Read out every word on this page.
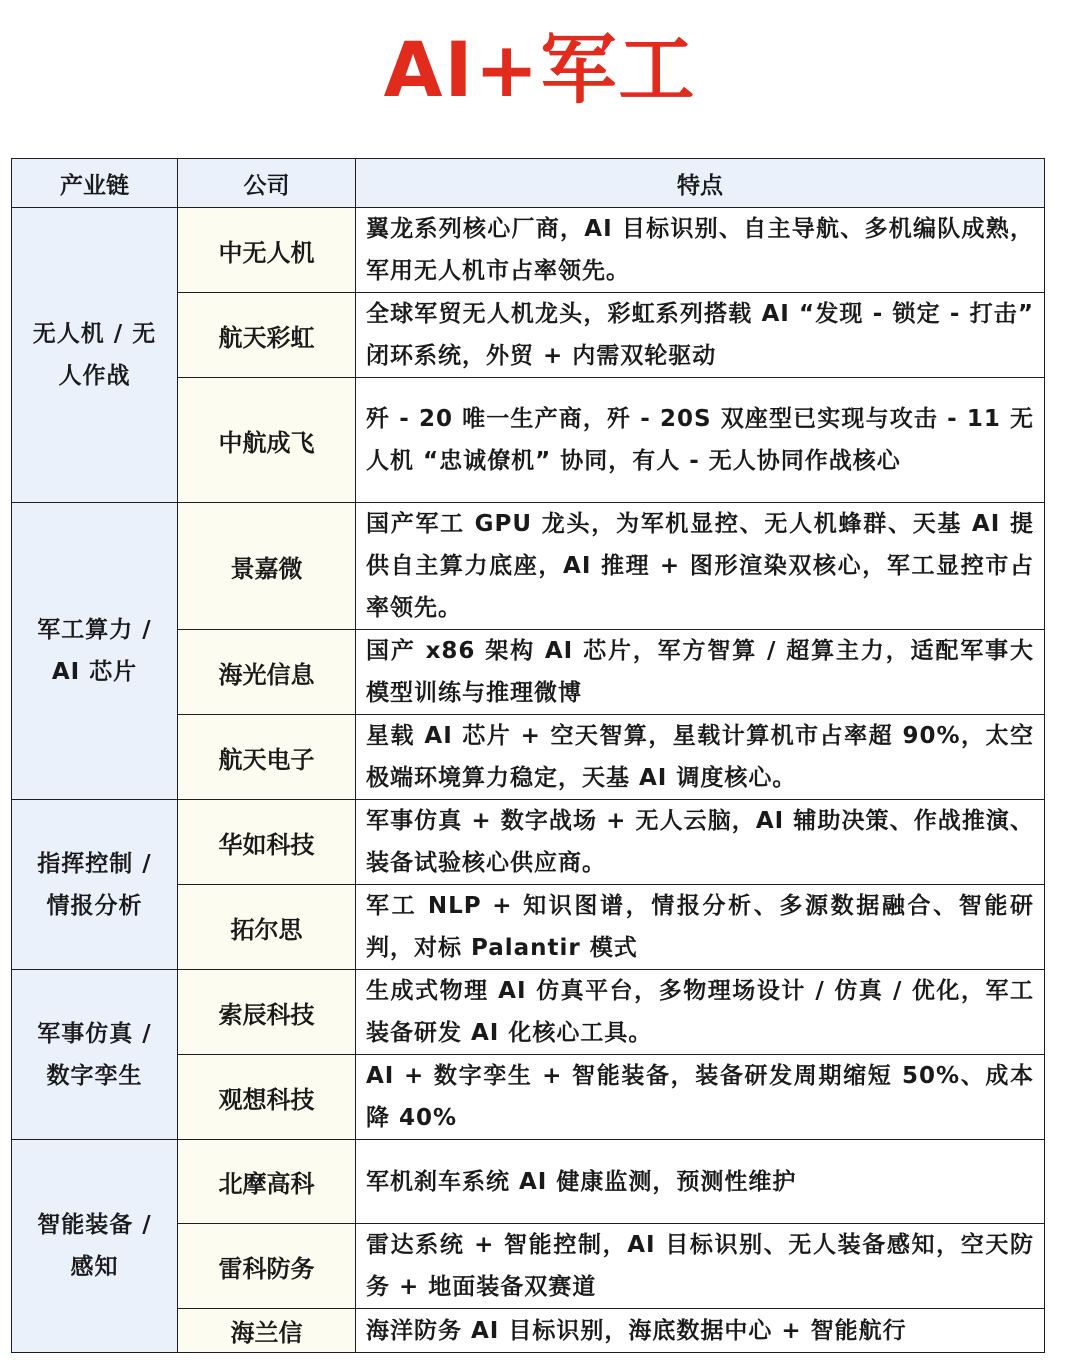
AI+军工
产业链	公司	特点
无人机 / 无人作战	中无人机	翼龙系列核心厂商，AI 目标识别、自主导航、多机编队成熟，军用无人机市占率领先。
	航天彩虹	全球军贸无人机龙头，彩虹系列搭载 AI “发现 - 锁定 - 打击” 闭环系统，外贸 + 内需双轮驱动
	中航成飞	歼 - 20 唯一生产商，歼 - 20S 双座型已实现与攻击 - 11 无人机 “忠诚僚机” 协同，有人 - 无人协同作战核心
军工算力 / AI 芯片	景嘉微	国产军工 GPU 龙头，为军机显控、无人机蜂群、天基 AI 提供自主算力底座，AI 推理 + 图形渲染双核心，军工显控市占率领先。
	海光信息	国产 x86 架构 AI 芯片，军方智算 / 超算主力，适配军事大模型训练与推理微博
	航天电子	星载 AI 芯片 + 空天智算，星载计算机市占率超 90%，太空极端环境算力稳定，天基 AI 调度核心。
指挥控制 / 情报分析	华如科技	军事仿真 + 数字战场 + 无人云脑，AI 辅助决策、作战推演、装备试验核心供应商。
	拓尔思	军工 NLP + 知识图谱，情报分析、多源数据融合、智能研判，对标 Palantir 模式
军事仿真 / 数字孪生	索辰科技	生成式物理 AI 仿真平台，多物理场设计 / 仿真 / 优化，军工装备研发 AI 化核心工具。
	观想科技	AI + 数字孪生 + 智能装备，装备研发周期缩短 50%、成本降 40%
智能装备 / 感知	北摩高科	军机刹车系统 AI 健康监测，预测性维护
	雷科防务	雷达系统 + 智能控制，AI 目标识别、无人装备感知，空天防务 + 地面装备双赛道
	海兰信	海洋防务 AI 目标识别，海底数据中心 + 智能航行
